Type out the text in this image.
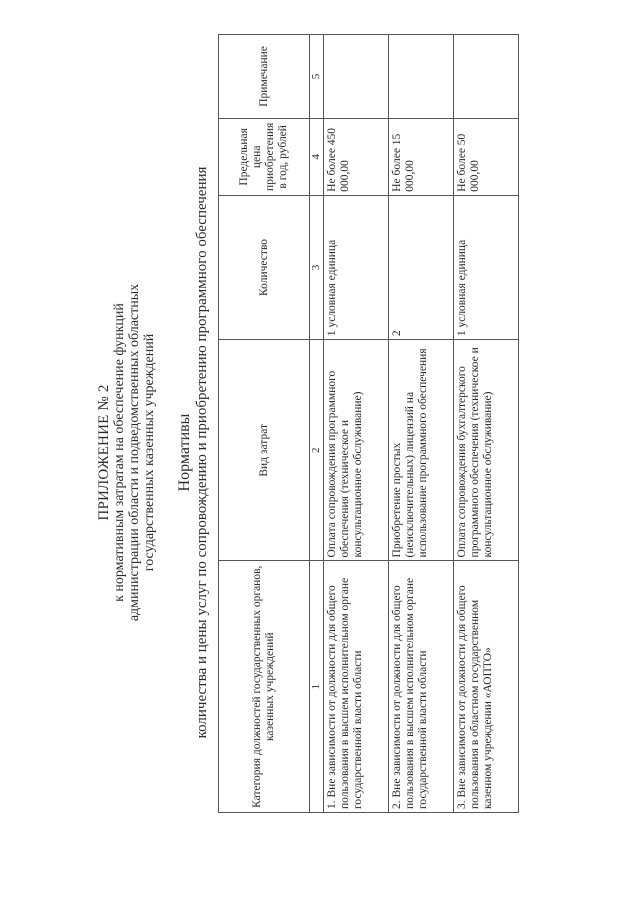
ПРИЛОЖЕНИЕ № 2 к нормативным затратам на обеспечение функций администрации области и подведомственных областных государственных казенных учреждений Нормативы количества и цены услуг по сопровождению и приобретению программного обеспечения	Категория должностей государственных органов, казенных учреждений	Вид затрат	Количество	Предельная цена приобретения в год, рублей	Примечание
1	2	3	4	5
1. Вне зависимости от должности для общего пользования в высшем исполнительном органе государственной власти области	Оплата сопровождения программного обеспечения (техническое и консультационное обслуживание)	1 условная единица	Не более 450 000,00	
2. Вне зависимости от должности для общего пользования в высшем исполнительном органе государственной власти области	Приобретение простых (неисключительных) лицензий на использование программного обеспечения	2	Не более 15 000,00	
3. Вне зависимости от должности для общего пользования в областном государственном казенном учреждении «АОПТО»	Оплата сопровождения бухгалтерского программного обеспечения (техническое и консультационное обслуживание)	1 условная единица	Не более 50 000,00	
